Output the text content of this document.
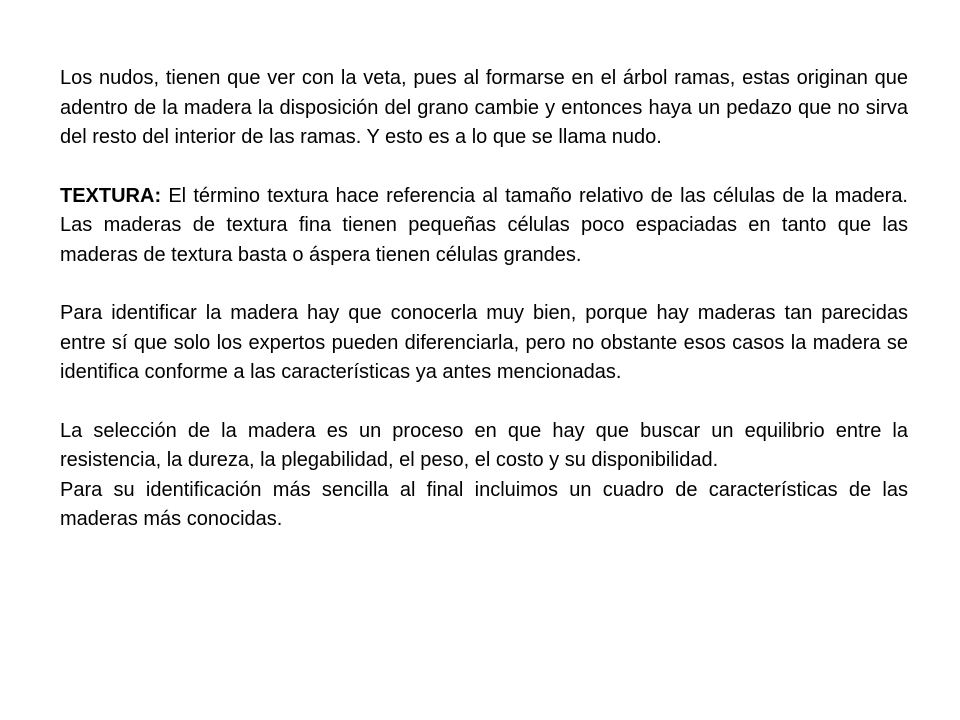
Los nudos, tienen que ver con la veta, pues al formarse en el árbol ramas, estas originan que adentro de la madera la disposición del grano cambie y entonces haya un pedazo que no sirva del resto del interior de las ramas. Y esto es a lo que se llama nudo.

TEXTURA: El término textura hace referencia al tamaño relativo de las células de la madera. Las maderas de textura fina tienen pequeñas células poco espaciadas en tanto que las maderas de textura basta o áspera tienen células grandes.

Para identificar la madera hay que conocerla muy bien, porque hay maderas tan parecidas entre sí que solo los expertos pueden diferenciarla, pero no obstante esos casos la madera se identifica conforme a las características ya antes mencionadas.

La selección de la madera es un proceso en que hay que buscar un equilibrio entre la resistencia, la dureza, la plegabilidad, el peso, el costo y su disponibilidad.

Para su identificación más sencilla al final incluimos un cuadro de características de las maderas más conocidas.
